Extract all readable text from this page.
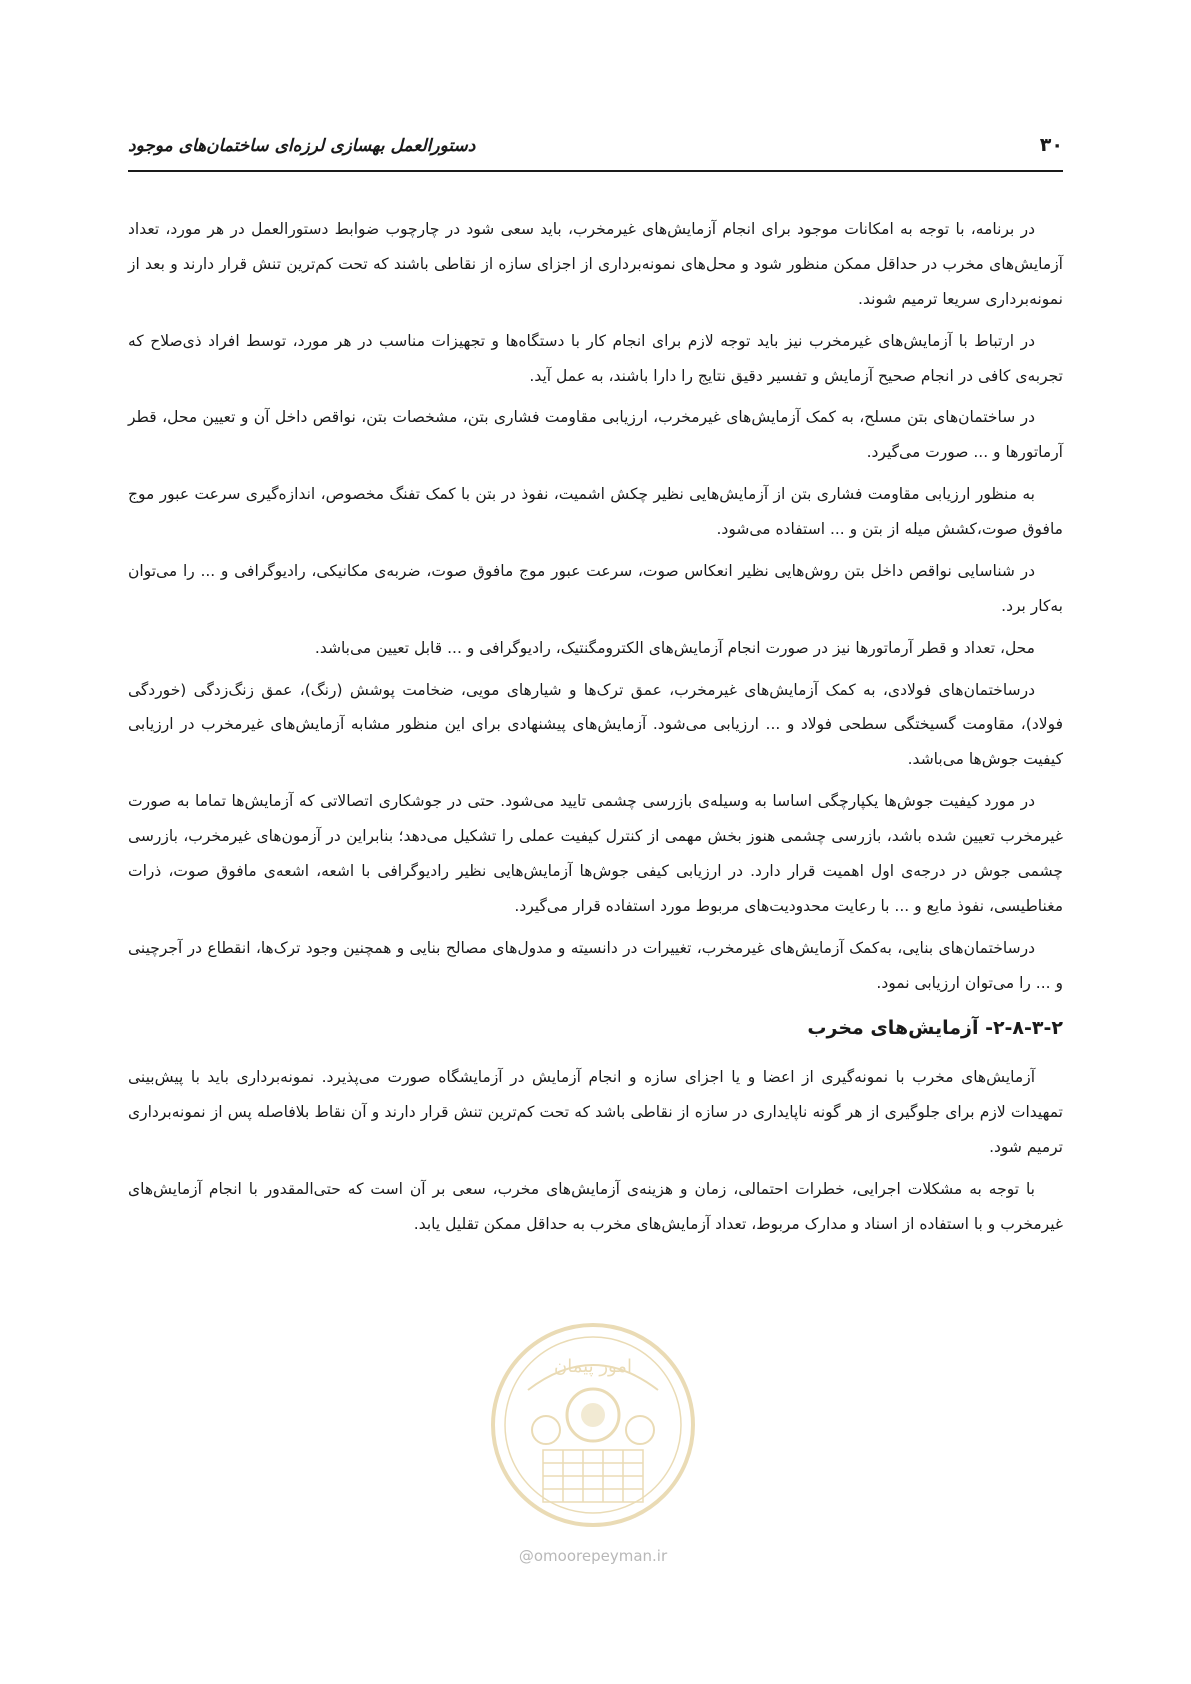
۳۰
دستورالعمل بهسازی لرزه‌ای ساختمان‌های موجود

در برنامه، با توجه به امکانات موجود برای انجام آزمایش‌های غیرمخرب، باید سعی شود در چارچوب ضوابط دستورالعمل در هر مورد، تعداد آزمایش‌های مخرب در حداقل ممکن منظور شود و محل‌های نمونه‌برداری از اجزای سازه از نقاطی باشند که تحت کم‌ترین تنش قرار دارند و بعد از نمونه‌برداری سریعا ترمیم شوند.

در ارتباط با آزمایش‌های غیرمخرب نیز باید توجه لازم برای انجام کار با دستگاه‌ها و تجهیزات مناسب در هر مورد، توسط افراد ذی‌صلاح که تجربه‌ی کافی در انجام صحیح آزمایش و تفسیر دقیق نتایج را دارا باشند، به عمل آید.

در ساختمان‌های بتن مسلح، به کمک آزمایش‌های غیرمخرب، ارزیابی مقاومت فشاری بتن، مشخصات بتن، نواقص داخل آن و تعیین محل، قطر آرماتورها و ... صورت می‌گیرد.

به منظور ارزیابی مقاومت فشاری بتن از آزمایش‌هایی نظیر چکش اشمیت، نفوذ در بتن با کمک تفنگ مخصوص، اندازه‌گیری سرعت عبور موج مافوق صوت،کشش میله از بتن و ... استفاده می‌شود.

در شناسایی نواقص داخل بتن روش‌هایی نظیر انعکاس صوت، سرعت عبور موج مافوق صوت، ضربه‌ی مکانیکی، رادیوگرافی و ... را می‌توان به‌کار برد.

محل، تعداد و قطر آرماتورها نیز در صورت انجام آزمایش‌های الکترومگنتیک، رادیوگرافی و ... قابل تعیین می‌باشد.

درساختمان‌های فولادی، به کمک آزمایش‌های غیرمخرب، عمق ترک‌ها و شیارهای مویی، ضخامت پوشش (رنگ)، عمق زنگ‌زدگی (خوردگی فولاد)، مقاومت گسیختگی سطحی فولاد و ... ارزیابی می‌شود. آزمایش‌های پیشنهادی برای این منظور مشابه آزمایش‌های غیرمخرب در ارزیابی کیفیت جوش‌ها می‌باشد.

در مورد کیفیت جوش‌ها یکپارچگی اساسا به وسیله‌ی بازرسی چشمی تایید می‌شود. حتی در جوشکاری اتصالاتی که آزمایش‌ها تماما به صورت غیرمخرب تعیین شده باشد، بازرسی چشمی هنوز بخش مهمی از کنترل کیفیت عملی را تشکیل می‌دهد؛ بنابراین در آزمون‌های غیرمخرب، بازرسی چشمی جوش در درجه‌ی اول اهمیت قرار دارد. در ارزیابی کیفی جوش‌ها آزمایش‌هایی نظیر رادیوگرافی با اشعه، اشعه‌ی مافوق صوت، ذرات مغناطیسی، نفوذ مایع و ... با رعایت محدودیت‌های مربوط مورد استفاده قرار می‌گیرد.

درساختمان‌های بنایی، به‌کمک آزمایش‌های غیرمخرب، تغییرات در دانسیته و مدول‌های مصالح بنایی و همچنین وجود ترک‌ها، انقطاع در آجرچینی و ... را می‌توان ارزیابی نمود.

۲-۸-۳-۲- آزمایش‌های مخرب

آزمایش‌های مخرب با نمونه‌گیری از اعضا و یا اجزای سازه و انجام آزمایش در آزمایشگاه صورت می‌پذیرد. نمونه‌برداری باید با پیش‌بینی تمهیدات لازم برای جلوگیری از هر گونه ناپایداری در سازه از نقاطی باشد که تحت کم‌ترین تنش قرار دارند و آن نقاط بلافاصله پس از نمونه‌برداری ترمیم شود.

با توجه به مشکلات اجرایی، خطرات احتمالی، زمان و هزینه‌ی آزمایش‌های مخرب، سعی بر آن است که حتی‌المقدور با انجام آزمایش‌های غیرمخرب و با استفاده از اسناد و مدارک مربوط، تعداد آزمایش‌های مخرب به حداقل ممکن تقلیل یابد.

امور پیمان
@omoorepeyman.ir
